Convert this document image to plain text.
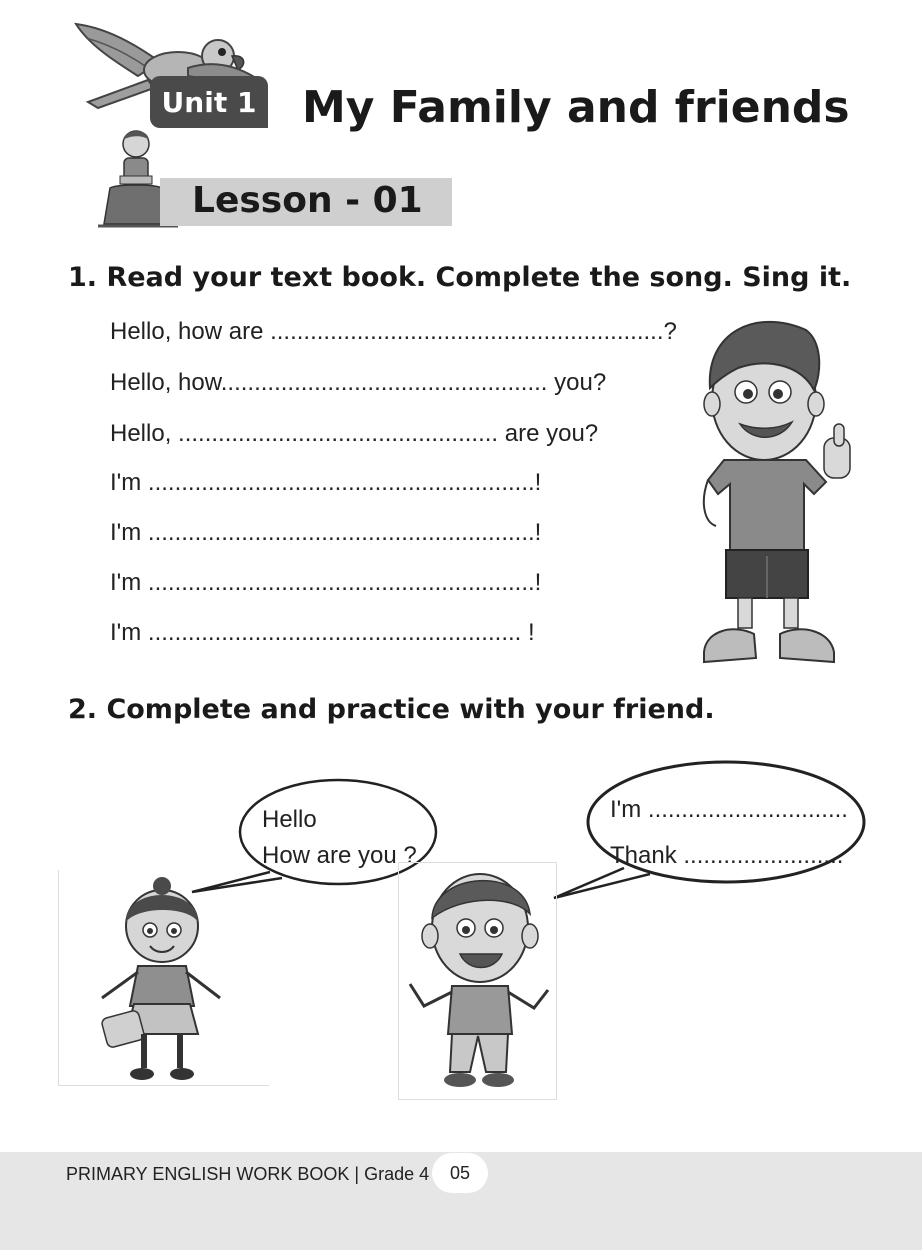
Unit 1 My Family and friends
Lesson - 01
1. Read your text book. Complete the song. Sing it.
Hello, how are ...........................................................?
Hello, how................................................. you?
Hello, ................................................ are you?
I'm ..........................................................!
I'm ..........................................................!
I'm ..........................................................!
I'm ........................................................ !
2. Complete and practice with your friend.
Hello
How are you ?
I'm ..............................
Thank ........................
PRIMARY ENGLISH WORK BOOK | Grade 4 05
